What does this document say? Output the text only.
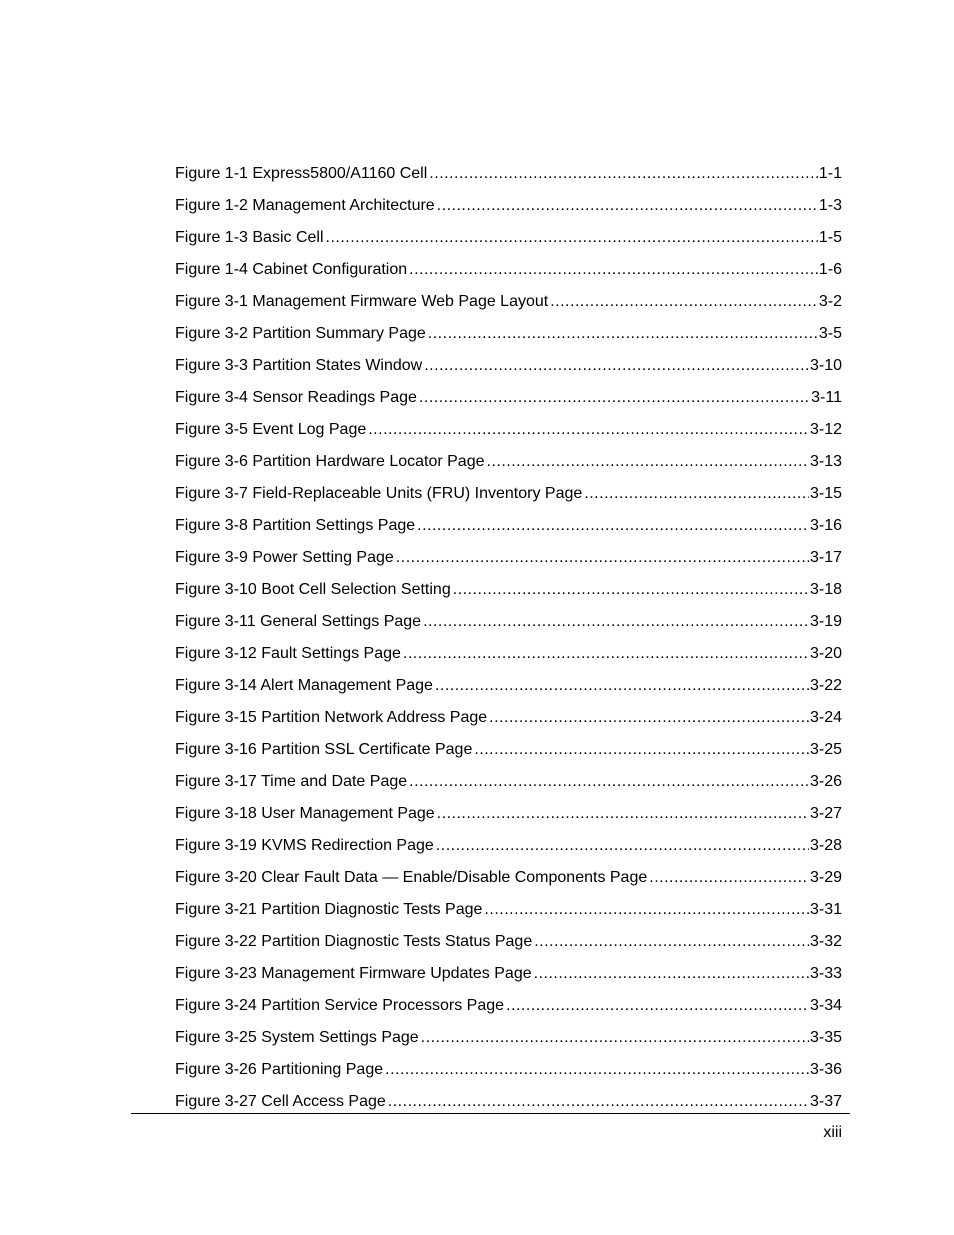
Figure 1-1 Express5800/A1160 Cell .....	1-1
Figure 1-2 Management Architecture .....	1-3
Figure 1-3 Basic Cell .....	1-5
Figure 1-4 Cabinet Configuration .....	1-6
Figure 3-1 Management Firmware Web Page Layout .....	3-2
Figure 3-2 Partition Summary Page .....	3-5
Figure 3-3 Partition States Window .....	3-10
Figure 3-4 Sensor Readings Page .....	3-11
Figure 3-5 Event Log Page .....	3-12
Figure 3-6 Partition Hardware Locator Page .....	3-13
Figure 3-7 Field-Replaceable Units (FRU) Inventory Page .....	3-15
Figure 3-8 Partition Settings Page .....	3-16
Figure 3-9 Power Setting Page .....	3-17
Figure 3-10 Boot Cell Selection Setting .....	3-18
Figure 3-11 General Settings Page .....	3-19
Figure 3-12 Fault Settings Page .....	3-20
Figure 3-14 Alert Management Page .....	3-22
Figure 3-15 Partition Network Address Page .....	3-24
Figure 3-16 Partition SSL Certificate Page .....	3-25
Figure 3-17 Time and Date Page .....	3-26
Figure 3-18 User Management Page .....	3-27
Figure 3-19 KVMS Redirection Page .....	3-28
Figure 3-20 Clear Fault Data — Enable/Disable Components Page .....	3-29
Figure 3-21 Partition Diagnostic Tests Page .....	3-31
Figure 3-22 Partition Diagnostic Tests Status Page .....	3-32
Figure 3-23 Management Firmware Updates Page .....	3-33
Figure 3-24 Partition Service Processors Page .....	3-34
Figure 3-25 System Settings Page .....	3-35
Figure 3-26 Partitioning Page .....	3-36
Figure 3-27 Cell Access Page .....	3-37
xiii
